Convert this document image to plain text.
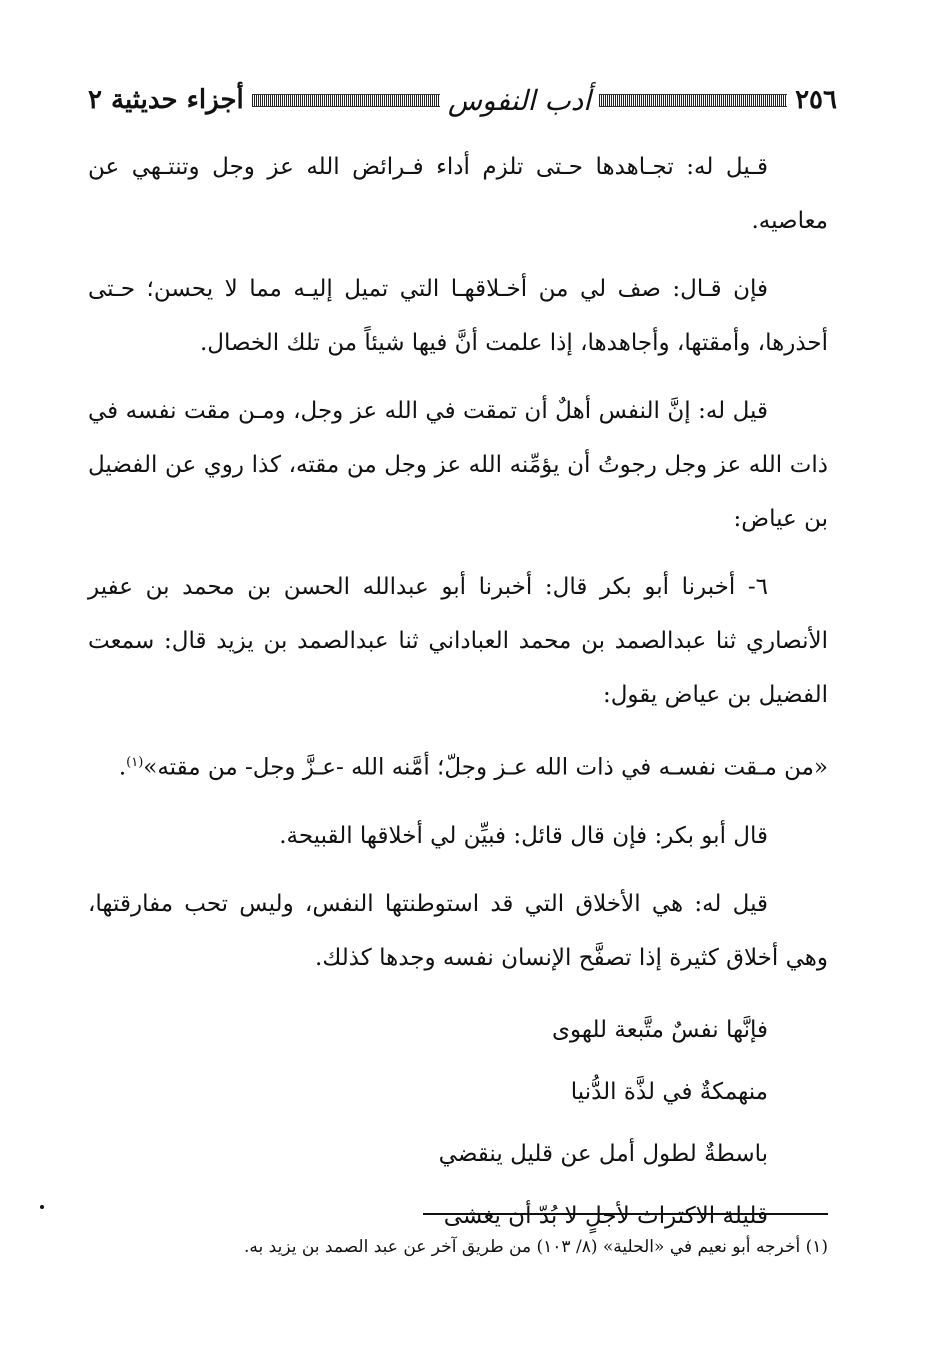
٢٥٦
أدب النفوس
أجزاء حديثية ٢

قـيل له: تجـاهدها حـتى تلزم أداء فـرائض الله عز وجل وتنتـهي عن معاصيه.

فإن قـال: صف لي من أخـلاقهـا التي تميل إليـه مما لا يحسن؛ حـتى أحذرها، وأمقتها، وأجاهدها، إذا علمت أنَّ فيها شيئاً من تلك الخصال.

قيل له: إنَّ النفس أهلٌ أن تمقت في الله عز وجل، ومـن مقت نفسه في ذات الله عز وجل رجوتُ أن يؤمِّنه الله عز وجل من مقته، كذا روي عن الفضيل بن عياض:

٦- أخبرنا أبو بكر قال: أخبرنا أبو عبدالله الحسن بن محمد بن عفير الأنصاري ثنا عبدالصمد بن محمد العباداني ثنا عبدالصمد بن يزيد قال: سمعت الفضيل بن عياض يقول:

«من مـقت نفسـه في ذات الله عـز وجلّ؛ أمَّنه الله -عـزَّ وجل- من مقته»$^{(١)}$.

قال أبو بكر: فإن قال قائل: فبيِّن لي أخلاقها القبيحة.

قيل له: هي الأخلاق التي قد استوطنتها النفس، وليس تحب مفارقتها، وهي أخلاق كثيرة إذا تصفَّح الإنسان نفسه وجدها كذلك.

فإنَّها نفسٌ متَّبعة للهوى
منهمكةٌ في لذَّة الدُّنيا
باسطةٌ لطول أمل عن قليل ينقضي
قليلة الاكتراث لأجلٍ لا بُدّ أن يغشى
(١) أخرجه أبو نعيم في «الحلية» (٨/ ١٠٣) من طريق آخر عن عبد الصمد بن يزيد به.
